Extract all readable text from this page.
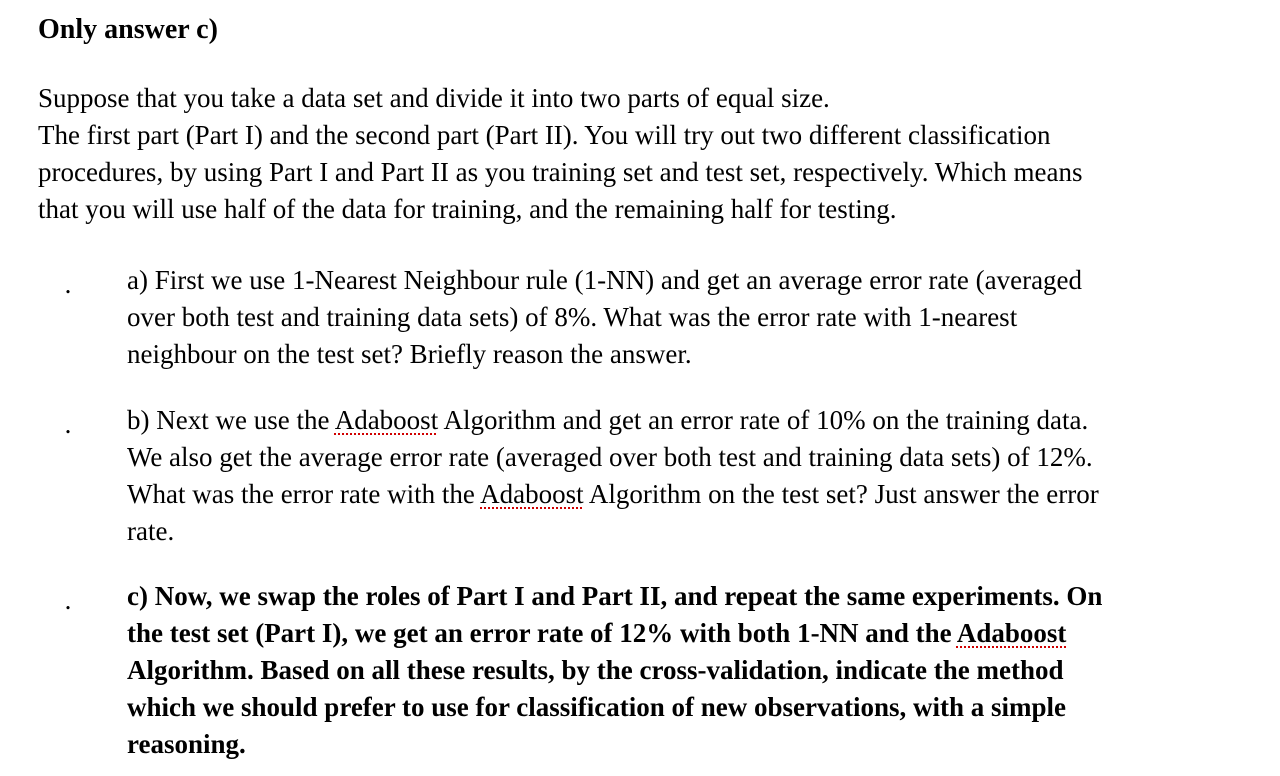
Only answer c)
Suppose that you take a data set and divide it into two parts of equal size.
The first part (Part I) and the second part (Part II). You will try out two different classification
procedures, by using Part I and Part II as you training set and test set, respectively. Which means
that you will use half of the data for training, and the remaining half for testing.
. a) First we use 1-Nearest Neighbour rule (1-NN) and get an average error rate (averaged
over both test and training data sets) of 8%. What was the error rate with 1-nearest
neighbour on the test set? Briefly reason the answer.
. b) Next we use the Adaboost Algorithm and get an error rate of 10% on the training data.
We also get the average error rate (averaged over both test and training data sets) of 12%.
What was the error rate with the Adaboost Algorithm on the test set? Just answer the error
rate.
. c) Now, we swap the roles of Part I and Part II, and repeat the same experiments. On
the test set (Part I), we get an error rate of 12% with both 1-NN and the Adaboost
Algorithm. Based on all these results, by the cross-validation, indicate the method
which we should prefer to use for classification of new observations, with a simple
reasoning.
